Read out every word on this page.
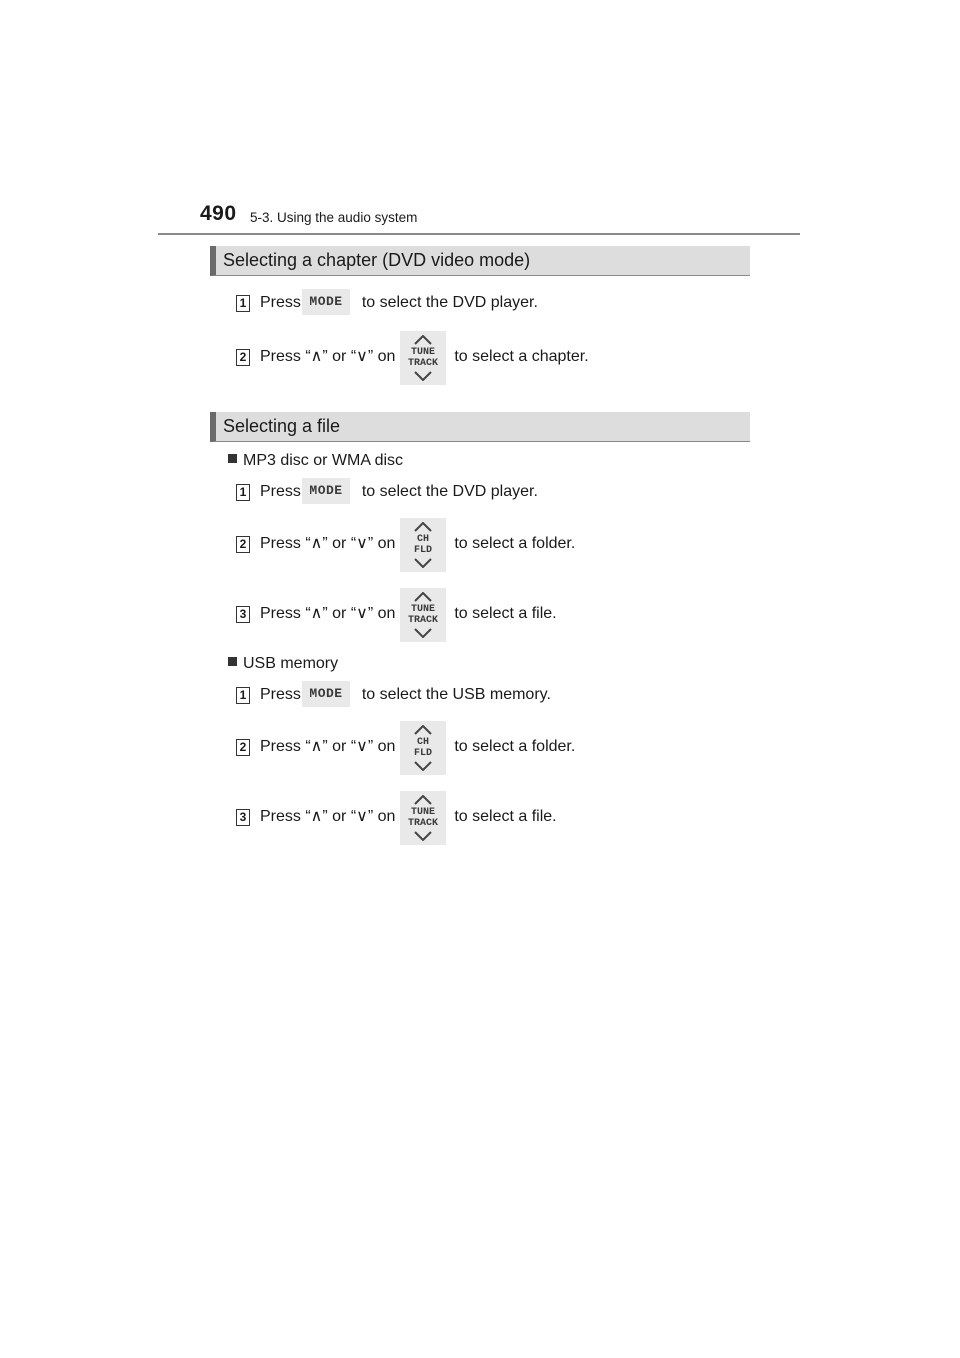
490 5-3. Using the audio system
Selecting a chapter (DVD video mode)
1 Press	to select the DVD player.
MODE
2 Press “∧” or “∨” on	to select a chapter.
TUNE
TRACK
Selecting a file
MP3 disc or WMA disc
1 Press	to select the DVD player.
MODE
2 Press “∧” or “∨” on	to select a folder.
CH
FLD
3 Press “∧” or “∨” on	to select a file.
TUNE
TRACK
USB memory
1 Press	to select the USB memory.
MODE
2 Press “∧” or “∨” on	to select a folder.
CH
FLD
3 Press “∧” or “∨” on	to select a file.
TUNE
TRACK
